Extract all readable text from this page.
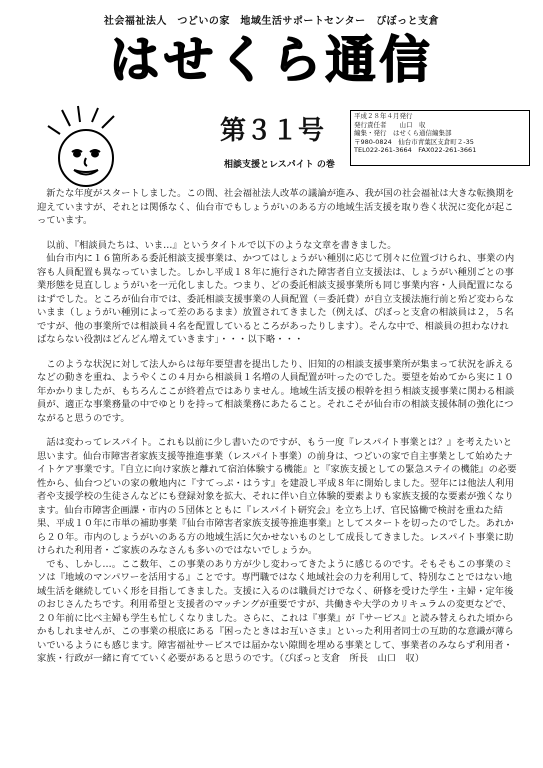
社会福祉法人　つどいの家　地域生活サポートセンター　ぴぼっと支倉
はせくら通信
第３１号
相談支援とレスパイト の巻
平成２８年４月発行
発行責任者　　山口　収
編集・発行　はせくら通信編集部
〒980-0824　仙台市青葉区支倉町２-35
TEL022-261-3664　FAX022-261-3661

新たな年度がスタートしました。この間、社会福祉法人改革の議論が進み、我が国の社会福祉は大きな転換期を迎えていますが、それとは関係なく、仙台市でもしょうがいのある方の地域生活支援を取り巻く状況に変化が起こっています。

以前、『相談員たちは、いま…』というタイトルで以下のような文章を書きました。

仙台市内に１６箇所ある委託相談支援事業は、かつてはしょうがい種別に応じて別々に位置づけられ、事業の内容も人員配置も異なっていました。しかし平成１８年に施行された障害者自立支援法は、しょうがい種別ごとの事業形態を見直ししょうがいを一元化しました。つまり、どの委託相談支援事業所も同じ事業内容・人員配置になるはずでした。ところが仙台市では、委託相談支援事業の人員配置（＝委託費）が自立支援法施行前と殆ど変わらないまま（しょうがい種別によって差のあるまま）放置されてきました（例えば、ぴぼっと支倉の相談員は２，５名ですが、他の事業所では相談員４名を配置しているところがあったりします）。そんな中で、相談員の担わなければならない役割はどんどん増えていきます」・・・以下略・・・

このような状況に対して法人からは毎年要望書を提出したり、旧知的の相談支援事業所が集まって状況を訴えるなどの動きを重ね、ようやくこの４月から相談員１名増の人員配置が叶ったのでした。要望を始めてから実に１０年かかりましたが、もちろんここが終着点ではありません。地域生活支援の根幹を担う相談支援事業に関わる相談員が、適正な事業務量の中でゆとりを持って相談業務にあたること。それこそが仙台市の相談支援体制の強化につながると思うのです。

話は変わってレスパイト。これも以前に少し書いたのですが、もう一度『レスパイト事業とは？』を考えたいと思います。仙台市障害者家族支援等推進事業（レスパイト事業）の前身は、つどいの家で自主事業として始めたナイトケア事業です。『自立に向け家族と離れて宿泊体験する機能』と『家族支援としての緊急ステイの機能』の必要性から、仙台つどいの家の敷地内に『すてっぷ・はうす』を建設し平成８年に開始しました。翌年には他法人利用者や支援学校の生徒さんなどにも登録対象を拡大、それに伴い自立体験的要素よりも家族支援的な要素が強くなります。仙台市障害企画課・市内の５団体とともに『レスパイト研究会』を立ち上げ、官民協働で検討を重ねた結果、平成１０年に市単の補助事業『仙台市障害者家族支援等推進事業』としてスタートを切ったのでした。あれから２０年。市内のしょうがいのある方の地域生活に欠かせないものとして成長してきました。レスパイト事業に助けられた利用者・ご家族のみなさんも多いのではないでしょうか。

でも、しかし…。ここ数年、この事業のあり方が少し変わってきたように感じるのです。そもそもこの事業のミソは『地域のマンパワーを活用する』ことです。専門職ではなく地域社会の力を利用して、特別なことではない地域生活を継続していく形を目指してきました。支援に入るのは職員だけでなく、研修を受けた学生・主婦・定年後のおじさんたちです。利用希望と支援者のマッチングが重要ですが、共働きや大学のカリキュラムの変更などで、２０年前に比べ主婦も学生も忙しくなりました。さらに、これは『事業』が『サービス』と読み替えられた頃からかもしれませんが、この事業の根底にある『困ったときはお互いさま』といった利用者同士の互助的な意識が薄らいでいるようにも感じます。障害福祉サービスでは届かない隙間を埋める事業として、事業者のみならず利用者・家族・行政が一緒に育てていく必要があると思うのです。（ぴぼっと支倉　所長　山口　収）
